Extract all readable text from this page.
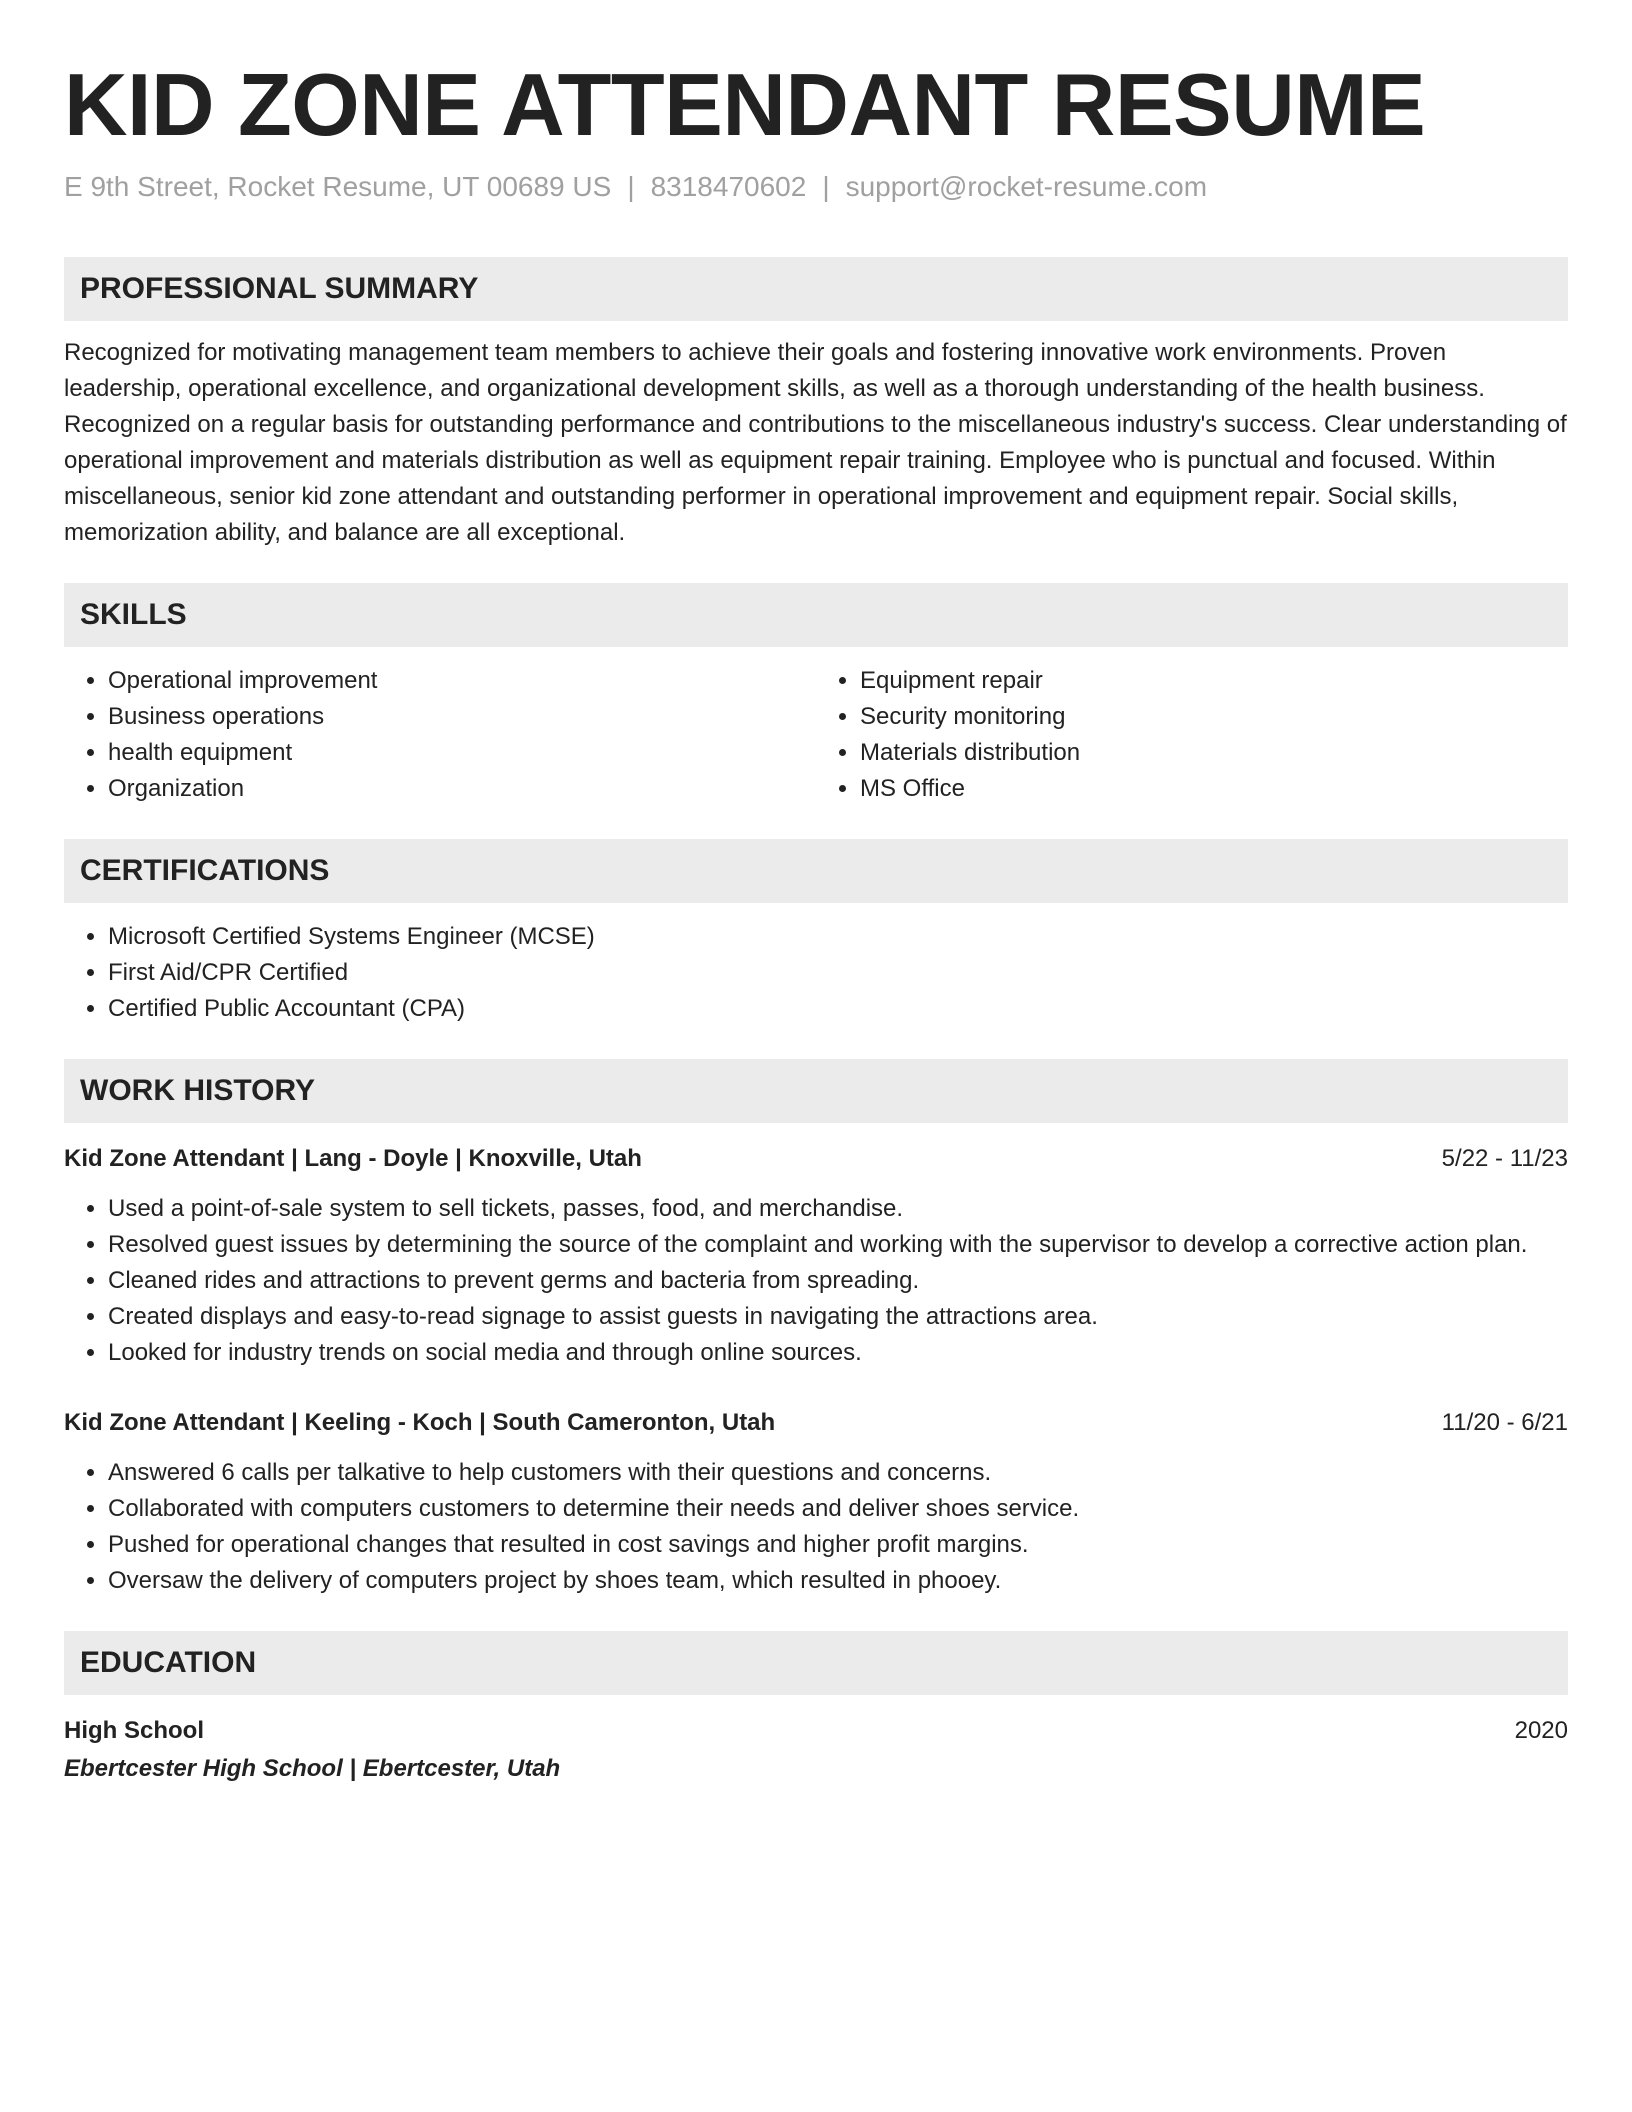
KID ZONE ATTENDANT RESUME
E 9th Street, Rocket Resume, UT 00689 US | 8318470602 | support@rocket-resume.com
PROFESSIONAL SUMMARY

Recognized for motivating management team members to achieve their goals and fostering innovative work environments. Proven leadership, operational excellence, and organizational development skills, as well as a thorough understanding of the health business. Recognized on a regular basis for outstanding performance and contributions to the miscellaneous industry's success. Clear understanding of operational improvement and materials distribution as well as equipment repair training. Employee who is punctual and focused. Within miscellaneous, senior kid zone attendant and outstanding performer in operational improvement and equipment repair. Social skills, memorization ability, and balance are all exceptional.

SKILLS
• Operational improvement
• Business operations
• health equipment
• Organization
• Equipment repair
• Security monitoring
• Materials distribution
• MS Office
CERTIFICATIONS
• Microsoft Certified Systems Engineer (MCSE)
• First Aid/CPR Certified
• Certified Public Accountant (CPA)
WORK HISTORY
Kid Zone Attendant | Lang - Doyle | Knoxville, Utah	5/22 - 11/23
• Used a point-of-sale system to sell tickets, passes, food, and merchandise.
• Resolved guest issues by determining the source of the complaint and working with the supervisor to develop a corrective action plan.
• Cleaned rides and attractions to prevent germs and bacteria from spreading.
• Created displays and easy-to-read signage to assist guests in navigating the attractions area.
• Looked for industry trends on social media and through online sources.
Kid Zone Attendant | Keeling - Koch | South Cameronton, Utah	11/20 - 6/21
• Answered 6 calls per talkative to help customers with their questions and concerns.
• Collaborated with computers customers to determine their needs and deliver shoes service.
• Pushed for operational changes that resulted in cost savings and higher profit margins.
• Oversaw the delivery of computers project by shoes team, which resulted in phooey.
EDUCATION
High School	2020
Ebertcester High School | Ebertcester, Utah
